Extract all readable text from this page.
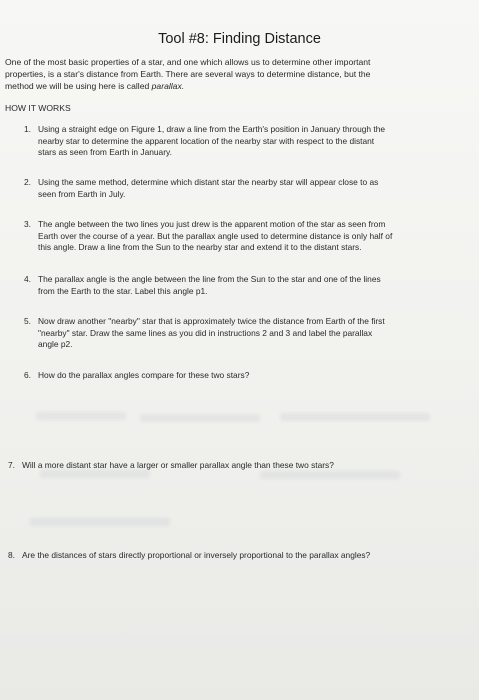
Tool #8: Finding Distance
One of the most basic properties of a star, and one which allows us to determine other important
properties, is a star's distance from Earth. There are several ways to determine distance, but the
method we will be using here is called parallax.
HOW IT WORKS
1. Using a straight edge on Figure 1, draw a line from the Earth's position in January through the
nearby star to determine the apparent location of the nearby star with respect to the distant
stars as seen from Earth in January.
2. Using the same method, determine which distant star the nearby star will appear close to as
seen from Earth in July.
3. The angle between the two lines you just drew is the apparent motion of the star as seen from
Earth over the course of a year. But the parallax angle used to determine distance is only half of
this angle. Draw a line from the Sun to the nearby star and extend it to the distant stars.
4. The parallax angle is the angle between the line from the Sun to the star and one of the lines
from the Earth to the star. Label this angle p1.
5. Now draw another "nearby" star that is approximately twice the distance from Earth of the first
"nearby" star. Draw the same lines as you did in instructions 2 and 3 and label the parallax
angle p2.
6. How do the parallax angles compare for these two stars?
7. Will a more distant star have a larger or smaller parallax angle than these two stars?
8. Are the distances of stars directly proportional or inversely proportional to the parallax angles?
